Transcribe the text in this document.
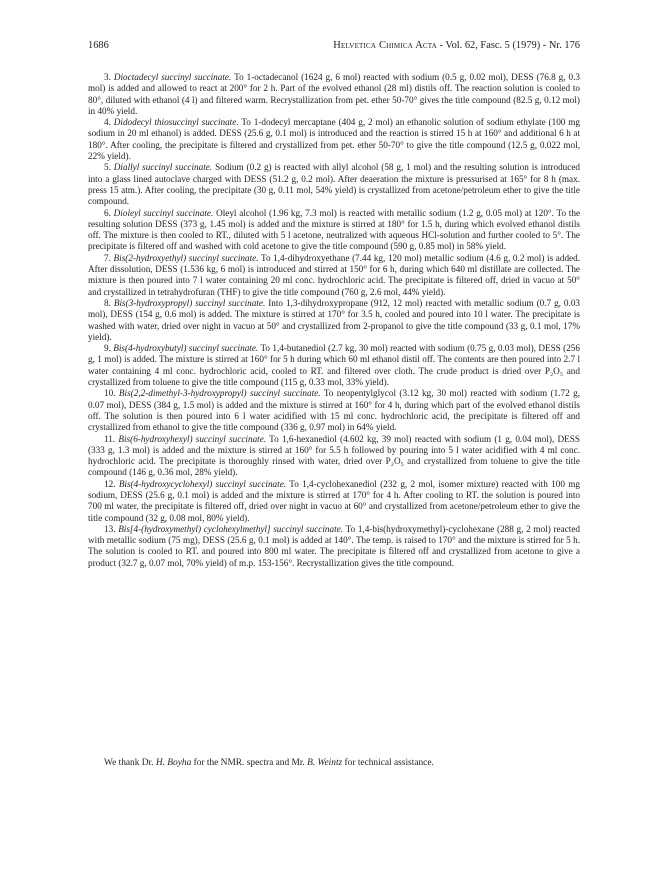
1686	Helvetica Chimica Acta - Vol. 62, Fasc. 5 (1979) - Nr. 176

3. Dioctadecyl succinyl succinate. To 1-octadecanol (1624 g, 6 mol) reacted with sodium (0.5 g, 0.02 mol), DESS (76.8 g, 0.3 mol) is added and allowed to react at 200° for 2 h. Part of the evolved ethanol (28 ml) distils off. The reaction solution is cooled to 80°, diluted with ethanol (4 l) and filtered warm. Recrystallization from pet. ether 50-70° gives the title compound (82.5 g, 0.12 mol) in 40% yield.

4. Didodecyl thiosuccinyl succinate. To 1-dodecyl mercaptane (404 g, 2 mol) an ethanolic solution of sodium ethylate (100 mg sodium in 20 ml ethanol) is added. DESS (25.6 g, 0.1 mol) is introduced and the reaction is stirred 15 h at 160° and additional 6 h at 180°. After cooling, the precipitate is filtered and crystallized from pet. ether 50-70° to give the title compound (12.5 g, 0.022 mol, 22% yield).

5. Diallyl succinyl succinate. Sodium (0.2 g) is reacted with allyl alcohol (58 g, 1 mol) and the resulting solution is introduced into a glass lined autoclave charged with DESS (51.2 g, 0.2 mol). After deaeration the mixture is pressurised at 165° for 8 h (max. press 15 atm.). After cooling, the precipitate (30 g, 0.11 mol, 54% yield) is crystallized from acetone/petroleum ether to give the title compound.

6. Dioleyl succinyl succinate. Oleyl alcohol (1.96 kg, 7.3 mol) is reacted with metallic sodium (1.2 g, 0.05 mol) at 120°. To the resulting solution DESS (373 g, 1.45 mol) is added and the mixture is stirred at 180° for 1.5 h, during which evolved ethanol distils off. The mixture is then cooled to RT., diluted with 5 l acetone, neutralized with aqueous HCl-solution and further cooled to 5°. The precipitate is filtered off and washed with cold acetone to give the title compound (590 g, 0.85 mol) in 58% yield.

7. Bis(2-hydroxyethyl) succinyl succinate. To 1,4-dihydroxyethane (7.44 kg, 120 mol) metallic sodium (4.6 g, 0.2 mol) is added. After dissolution, DESS (1.536 kg, 6 mol) is introduced and stirred at 150° for 6 h, during which 640 ml distillate are collected. The mixture is then poured into 7 l water containing 20 ml conc. hydrochloric acid. The precipitate is filtered off, dried in vacuo at 50° and crystallized in tetrahydrofuran (THF) to give the title compound (760 g, 2.6 mol, 44% yield).

8. Bis(3-hydroxypropyl) succinyl succinate. Into 1,3-dihydroxypropane (912, 12 mol) reacted with metallic sodium (0.7 g, 0.03 mol), DESS (154 g, 0.6 mol) is added. The mixture is stirred at 170° for 3.5 h, cooled and poured into 10 l water. The precipitate is washed with water, dried over night in vacuo at 50° and crystallized from 2-propanol to give the title compound (33 g, 0.1 mol, 17% yield).

9. Bis(4-hydroxybutyl) succinyl succinate. To 1,4-butanediol (2.7 kg, 30 mol) reacted with sodium (0.75 g, 0.03 mol), DESS (256 g, 1 mol) is added. The mixture is stirred at 160° for 5 h during which 60 ml ethanol distil off. The contents are then poured into 2.7 l water containing 4 ml conc. hydrochloric acid, cooled to RT. and filtered over cloth. The crude product is dried over P₂O₅ and crystallized from toluene to give the title compound (115 g, 0.33 mol, 33% yield).

10. Bis(2,2-dimethyl-3-hydroxypropyl) succinyl succinate. To neopentylglycol (3.12 kg, 30 mol) reacted with sodium (1.72 g, 0.07 mol), DESS (384 g, 1.5 mol) is added and the mixture is stirred at 160° for 4 h, during which part of the evolved ethanol distils off. The solution is then poured into 6 l water acidified with 15 ml conc. hydrochloric acid, the precipitate is filtered off and crystallized from ethanol to give the title compound (336 g, 0.97 mol) in 64% yield.

11. Bis(6-hydroxyhexyl) succinyl succinate. To 1,6-hexanediol (4.602 kg, 39 mol) reacted with sodium (1 g, 0.04 mol), DESS (333 g, 1.3 mol) is added and the mixture is stirred at 160° for 5.5 h followed by pouring into 5 l water acidified with 4 ml conc. hydrochloric acid. The precipitate is thoroughly rinsed with water, dried over P₂O₅ and crystallized from toluene to give the title compound (146 g, 0.36 mol, 28% yield).

12. Bis(4-hydroxycyclohexyl) succinyl succinate. To 1,4-cyclohexanediol (232 g, 2 mol, isomer mixture) reacted with 100 mg sodium, DESS (25.6 g, 0.1 mol) is added and the mixture is stirred at 170° for 4 h. After cooling to RT. the solution is poured into 700 ml water, the precipitate is filtered off, dried over night in vacuo at 60° and crystallized from acetone/petroleum ether to give the title compound (32 g, 0.08 mol, 80% yield).

13. Bis[4-(hydroxymethyl) cyclohexylmethyl] succinyl succinate. To 1,4-bis(hydroxymethyl)-cyclohexane (288 g, 2 mol) reacted with metallic sodium (75 mg), DESS (25.6 g, 0.1 mol) is added at 140°. The temp. is raised to 170° and the mixture is stirred for 5 h. The solution is cooled to RT. and poured into 800 ml water. The precipitate is filtered off and crystallized from acetone to give a product (32.7 g, 0.07 mol, 70% yield) of m.p. 153-156°. Recrystallization gives the title compound.

We thank Dr. H. Boyha for the NMR. spectra and Mr. B. Weintz for technical assistance.
